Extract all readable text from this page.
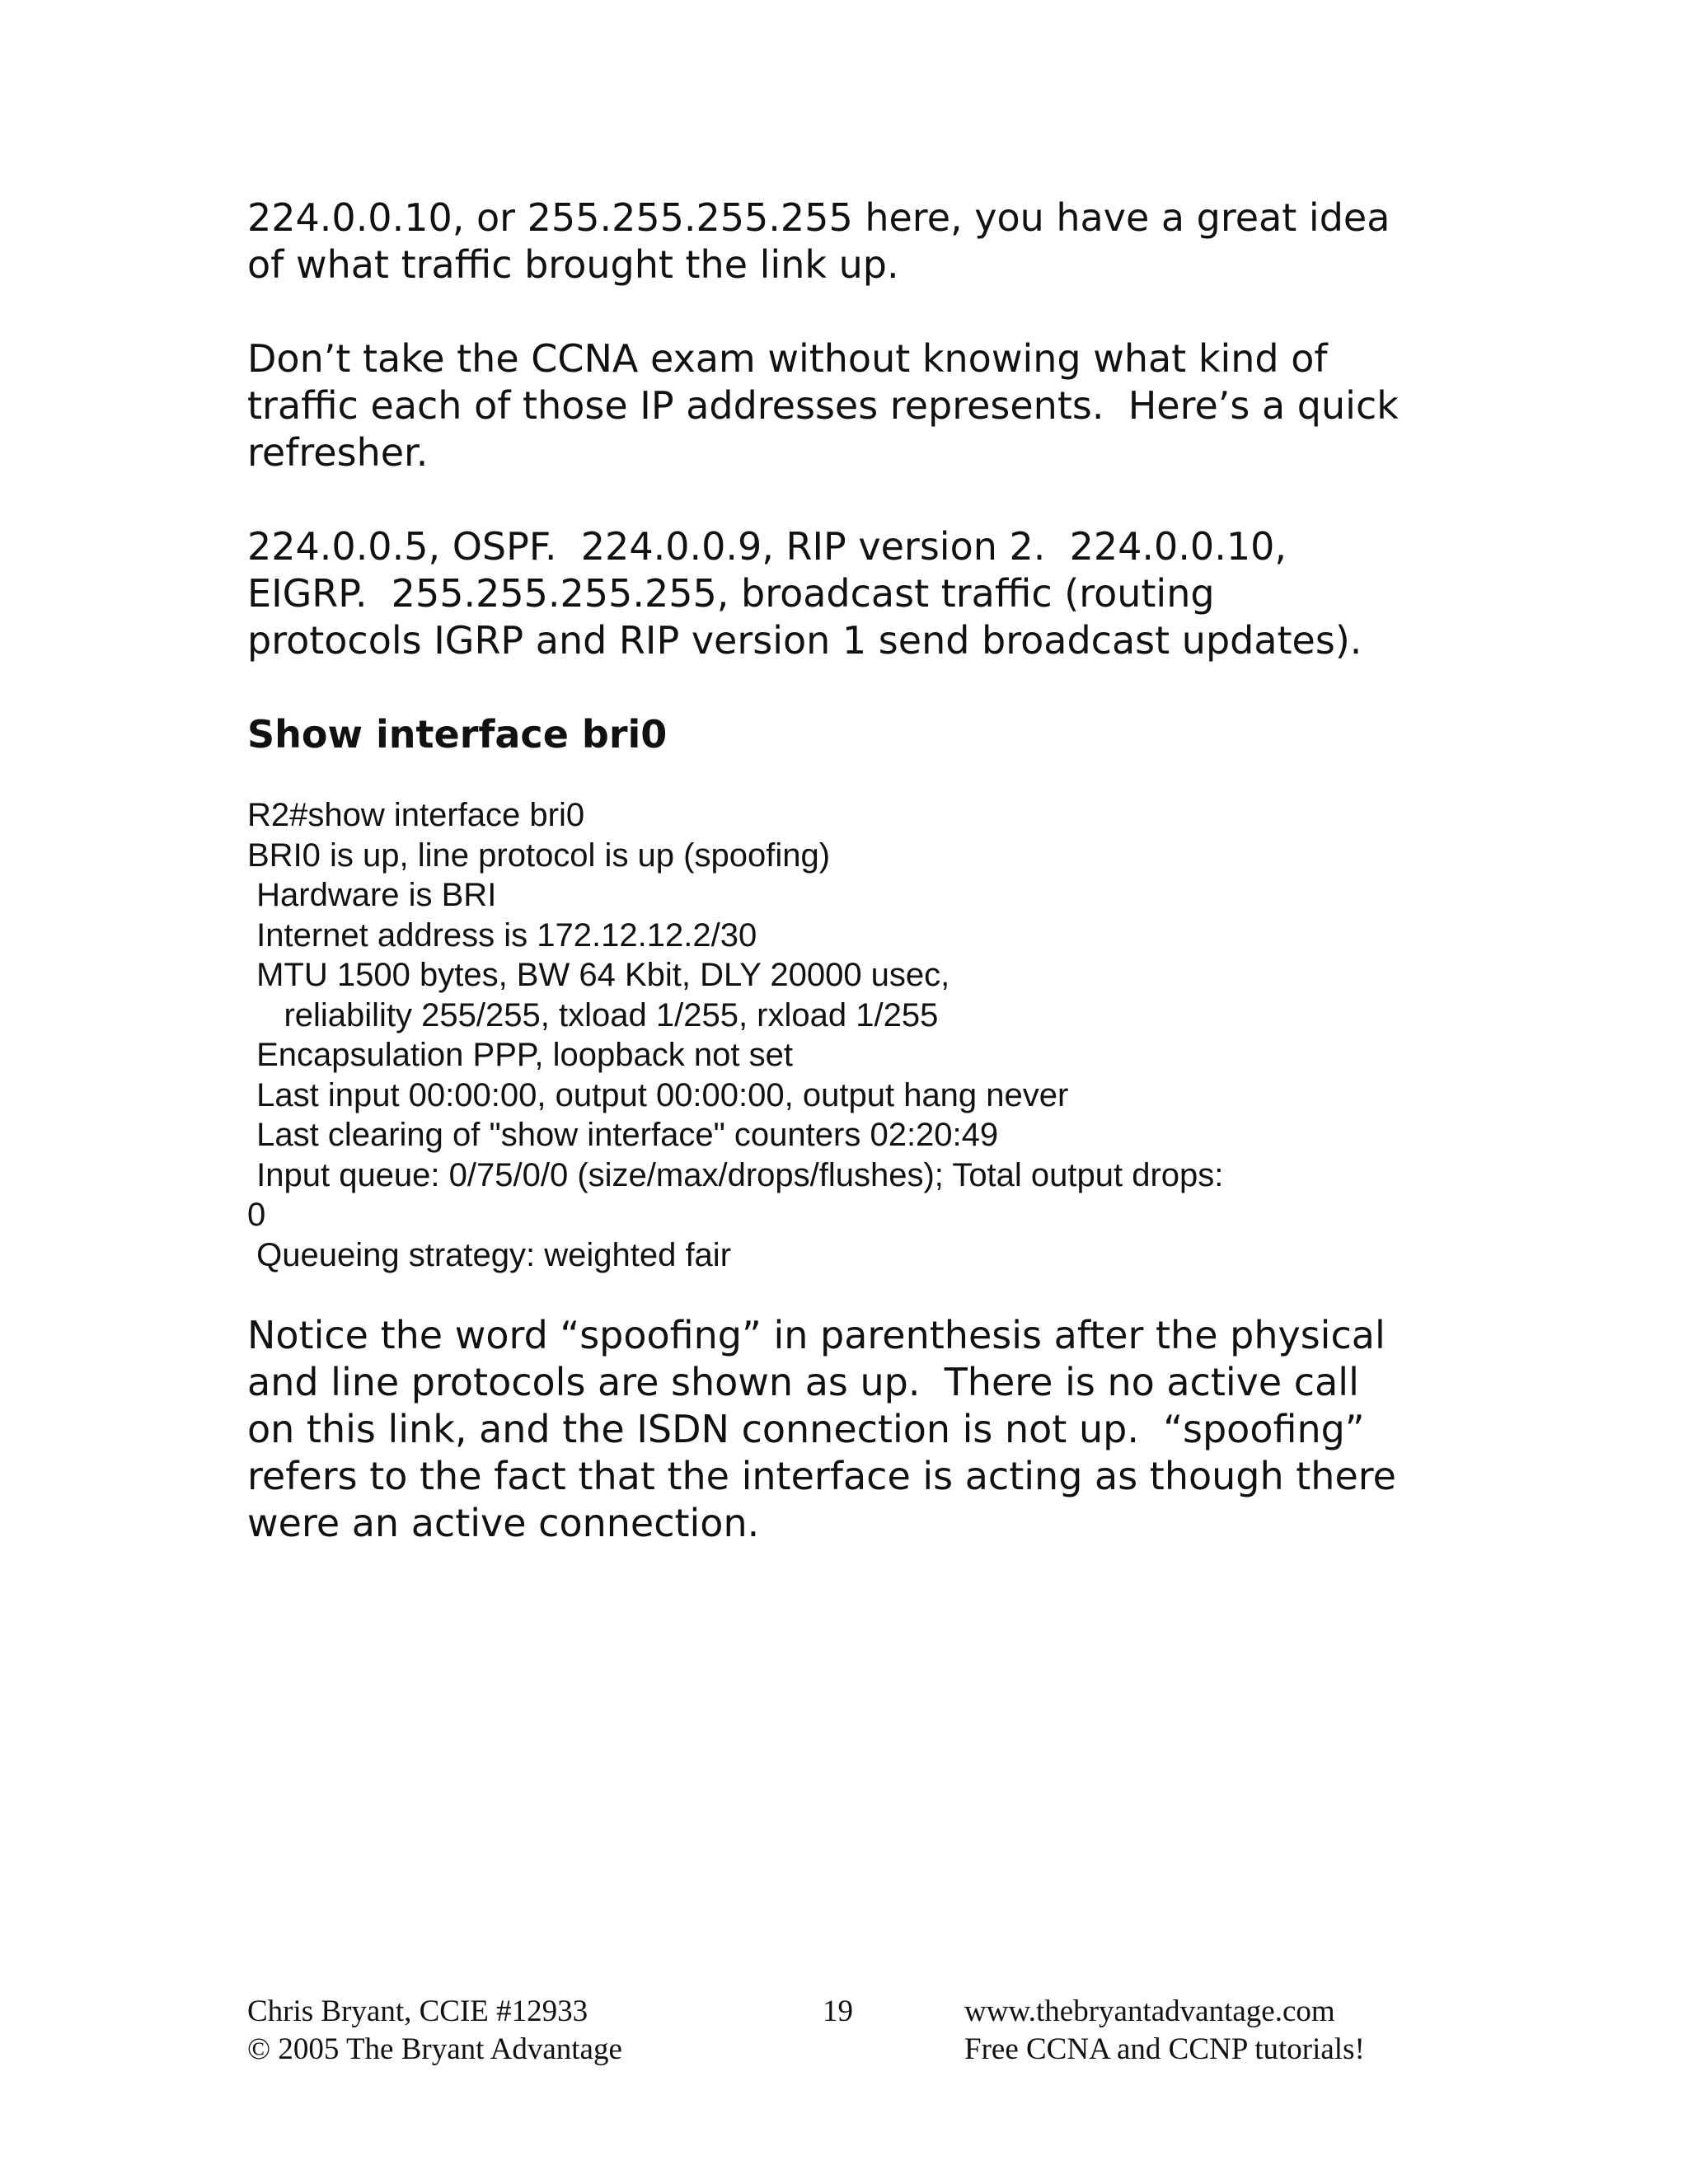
224.0.0.10, or 255.255.255.255 here, you have a great idea
of what traffic brought the link up.

Don’t take the CCNA exam without knowing what kind of
traffic each of those IP addresses represents.  Here’s a quick
refresher.

224.0.0.5, OSPF.  224.0.0.9, RIP version 2.  224.0.0.10,
EIGRP.  255.255.255.255, broadcast traffic (routing
protocols IGRP and RIP version 1 send broadcast updates).

Show interface bri0
R2#show interface bri0
BRI0 is up, line protocol is up (spoofing)
Hardware is BRI
Internet address is 172.12.12.2/30
MTU 1500 bytes, BW 64 Kbit, DLY 20000 usec,
reliability 255/255, txload 1/255, rxload 1/255
Encapsulation PPP, loopback not set
Last input 00:00:00, output 00:00:00, output hang never
Last clearing of "show interface" counters 02:20:49
Input queue: 0/75/0/0 (size/max/drops/flushes); Total output drops:
0
Queueing strategy: weighted fair

Notice the word “spoofing” in parenthesis after the physical
and line protocols are shown as up.  There is no active call
on this link, and the ISDN connection is not up.  “spoofing”
refers to the fact that the interface is acting as though there
were an active connection.

Chris Bryant, CCIE #12933
© 2005 The Bryant Advantage
19	www.thebryantadvantage.com
Free CCNA and CCNP tutorials!
